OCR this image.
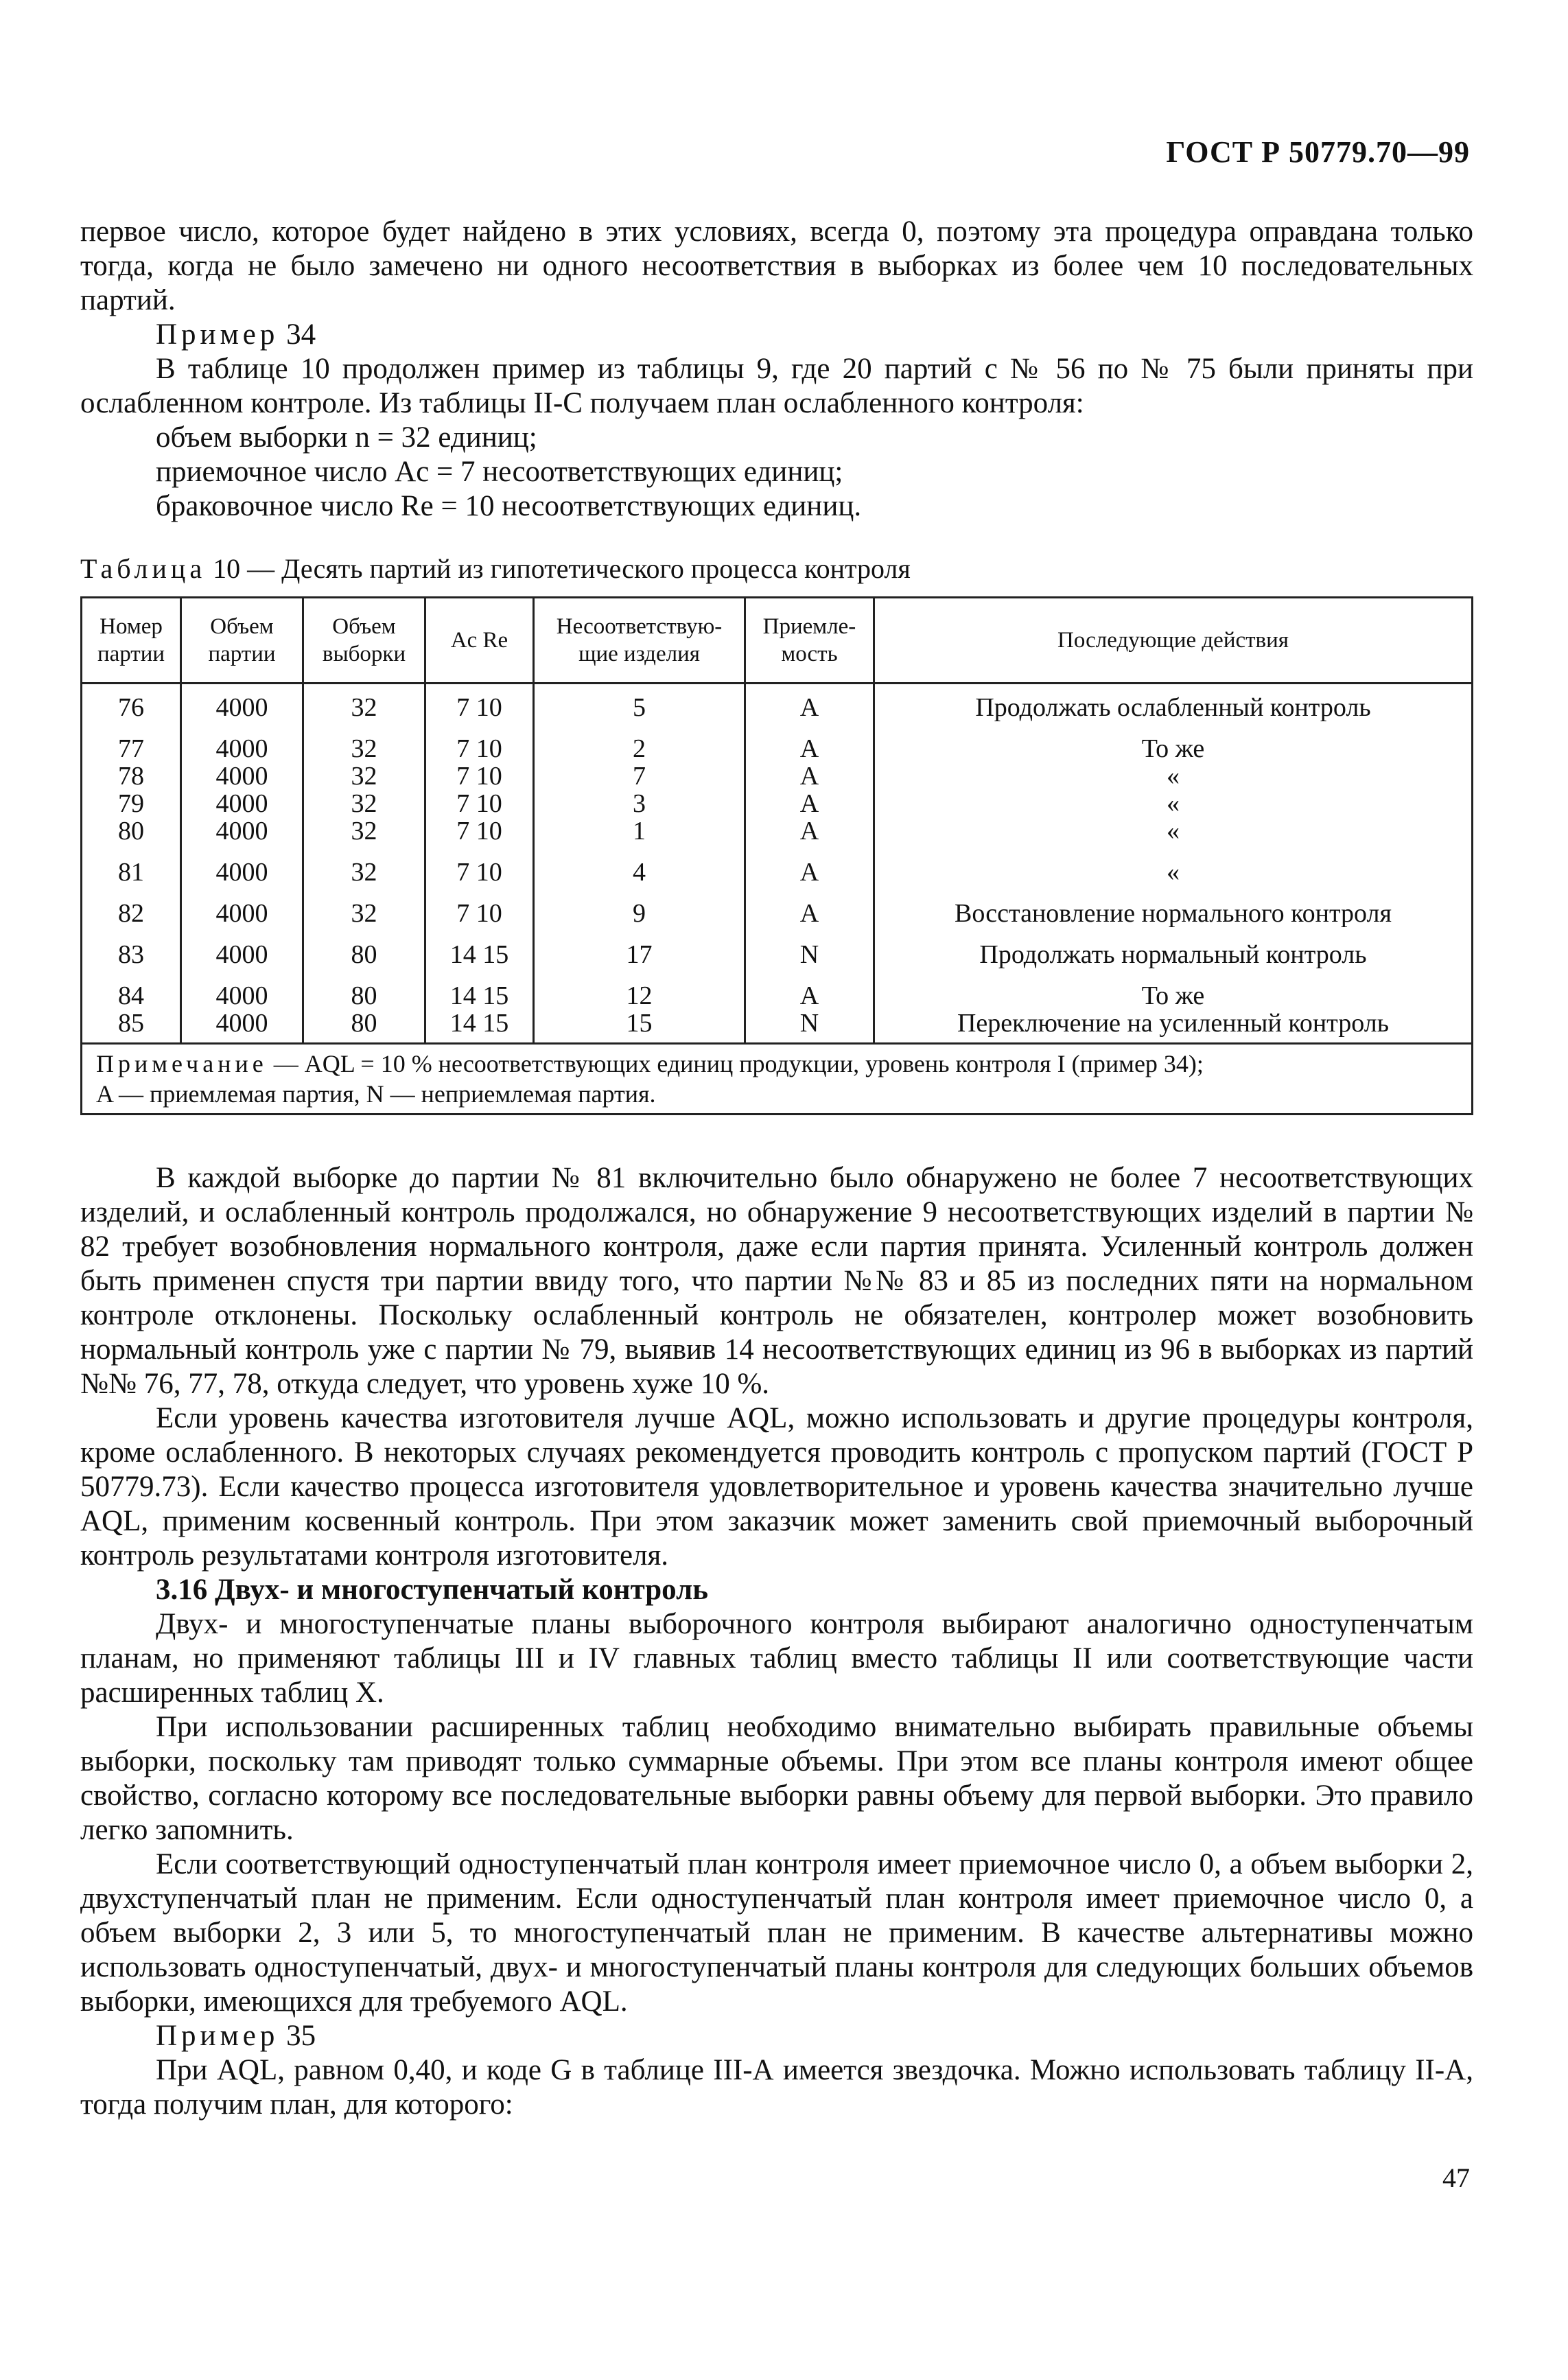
ГОСТ Р 50779.70—99

первое число, которое будет найдено в этих условиях, всегда 0, поэтому эта процедура оправдана только тогда, когда не было замечено ни одного несоответствия в выборках из более чем 10 последовательных партий.

Пример 34

В таблице 10 продолжен пример из таблицы 9, где 20 партий с № 56 по № 75 были приняты при ослабленном контроле. Из таблицы II-С получаем план ослабленного контроля:

объем выборки n = 32 единиц;
приемочное число Ac = 7 несоответствующих единиц;
браковочное число Re = 10 несоответствующих единиц.
Таблица 10 — Десять партий из гипотетического процесса контроля
Номер партии	Объем партии	Объем выборки	Ac Re	Несоответствую-щие изделия	Приемле-мость	Последующие действия
76	4000	32	7 10	5	A	Продолжать ослабленный контроль
77	4000	32	7 10	2	A	То же
78	4000	32	7 10	7	A	«
79	4000	32	7 10	3	A	«
80	4000	32	7 10	1	A	«
81	4000	32	7 10	4	A	«
82	4000	32	7 10	9	A	Восстановление нормального контроля
83	4000	80	14 15	17	N	Продолжать нормальный контроль
84	4000	80	14 15	12	A	То же
85	4000	80	14 15	15	N	Переключение на усиленный контроль

Примечание — AQL = 10 % несоответствующих единиц продукции, уровень контроля I (пример 34);
A — приемлемая партия, N — неприемлемая партия.						

В каждой выборке до партии № 81 включительно было обнаружено не более 7 несоответствующих изделий, и ослабленный контроль продолжался, но обнаружение 9 несоответствующих изделий в партии № 82 требует возобновления нормального контроля, даже если партия принята. Усиленный контроль должен быть применен спустя три партии ввиду того, что партии №№ 83 и 85 из последних пяти на нормальном контроле отклонены. Поскольку ослабленный контроль не обязателен, контролер может возобновить нормальный контроль уже с партии № 79, выявив 14 несоответствующих единиц из 96 в выборках из партий №№ 76, 77, 78, откуда следует, что уровень хуже 10 %.

Если уровень качества изготовителя лучше AQL, можно использовать и другие процедуры контроля, кроме ослабленного. В некоторых случаях рекомендуется проводить контроль с пропуском партий (ГОСТ Р 50779.73). Если качество процесса изготовителя удовлетворительное и уровень качества значительно лучше AQL, применим косвенный контроль. При этом заказчик может заменить свой приемочный выборочный контроль результатами контроля изготовителя.

3.16 Двух- и многоступенчатый контроль

Двух- и многоступенчатые планы выборочного контроля выбирают аналогично одноступенчатым планам, но применяют таблицы III и IV главных таблиц вместо таблицы II или соответствующие части расширенных таблиц X.

При использовании расширенных таблиц необходимо внимательно выбирать правильные объемы выборки, поскольку там приводят только суммарные объемы. При этом все планы контроля имеют общее свойство, согласно которому все последовательные выборки равны объему для первой выборки. Это правило легко запомнить.

Если соответствующий одноступенчатый план контроля имеет приемочное число 0, а объем выборки 2, двухступенчатый план не применим. Если одноступенчатый план контроля имеет приемочное число 0, а объем выборки 2, 3 или 5, то многоступенчатый план не применим. В качестве альтернативы можно использовать одноступенчатый, двух- и многоступенчатый планы контроля для следующих больших объемов выборки, имеющихся для требуемого AQL.

Пример 35

При AQL, равном 0,40, и коде G в таблице III-А имеется звездочка. Можно использовать таблицу II-А, тогда получим план, для которого:

47
